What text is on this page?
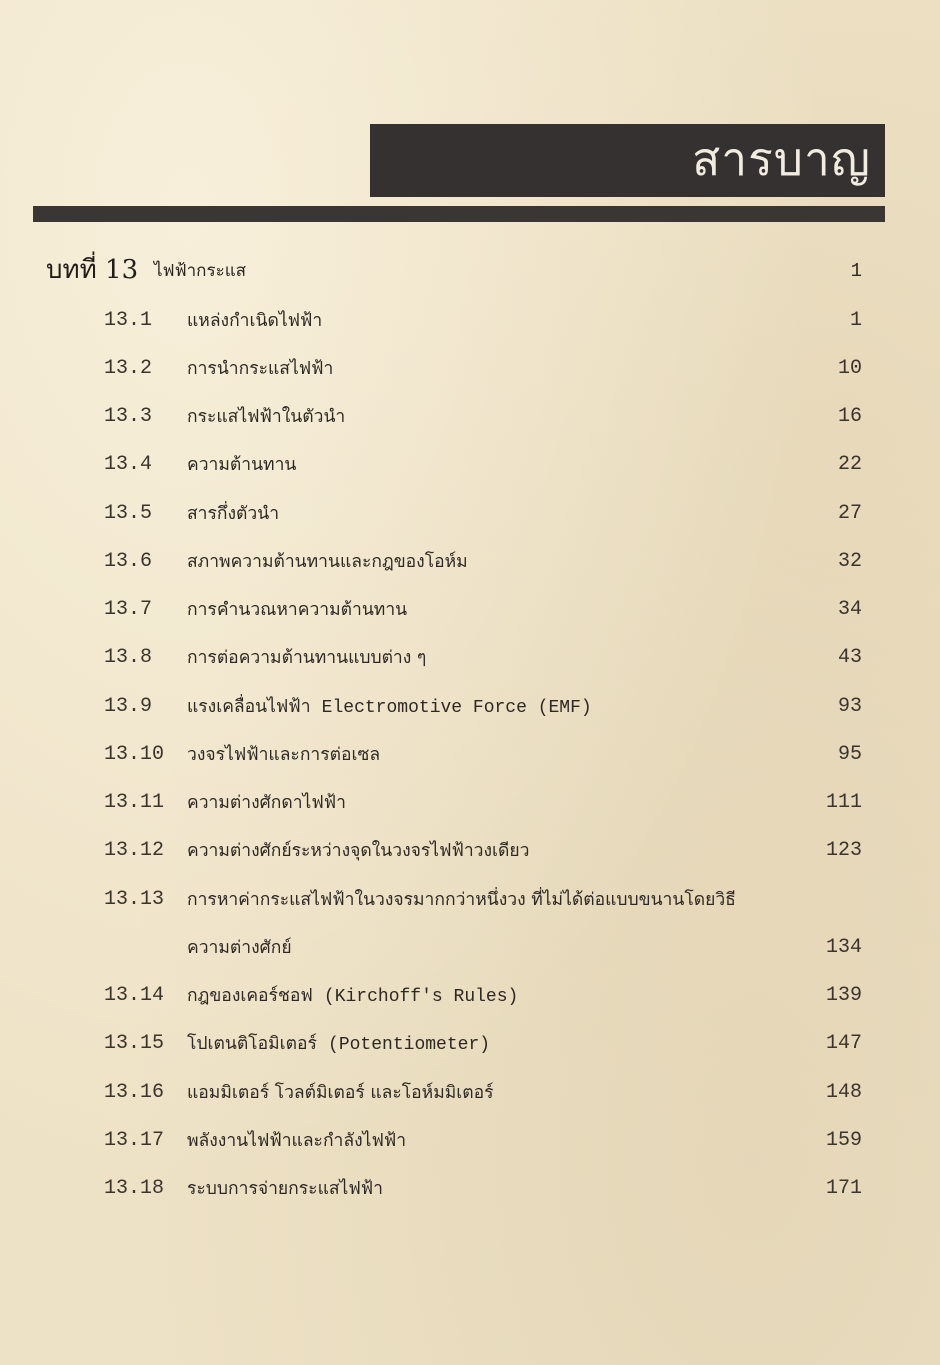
สารบาญ
บทที่ 13 ไฟฟ้ากระแส	1
13.1 แหล่งกำเนิดไฟฟ้า	1
13.2 การนำกระแสไฟฟ้า	10
13.3 กระแสไฟฟ้าในตัวนำ	16
13.4 ความต้านทาน	22
13.5 สารกึ่งตัวนำ	27
13.6 สภาพความต้านทานและกฎของโอห์ม	32
13.7 การคำนวณหาความต้านทาน	34
13.8 การต่อความต้านทานแบบต่าง ๆ	43
13.9 แรงเคลื่อนไฟฟ้า Electromotive Force (EMF)	93
13.10 วงจรไฟฟ้าและการต่อเซล	95
13.11 ความต่างศักดาไฟฟ้า	111
13.12 ความต่างศักย์ระหว่างจุดในวงจรไฟฟ้าวงเดียว	123
13.13 การหาค่ากระแสไฟฟ้าในวงจรมากกว่าหนึ่งวง ที่ไม่ได้ต่อแบบขนานโดยวิธี
ความต่างศักย์	134
13.14 กฎของเคอร์ชอฟ (Kirchoff's Rules)	139
13.15 โปเตนติโอมิเตอร์ (Potentiometer)	147
13.16 แอมมิเตอร์ โวลต์มิเตอร์ และโอห์มมิเตอร์	148
13.17 พลังงานไฟฟ้าและกำลังไฟฟ้า	159
13.18 ระบบการจ่ายกระแสไฟฟ้า	171
